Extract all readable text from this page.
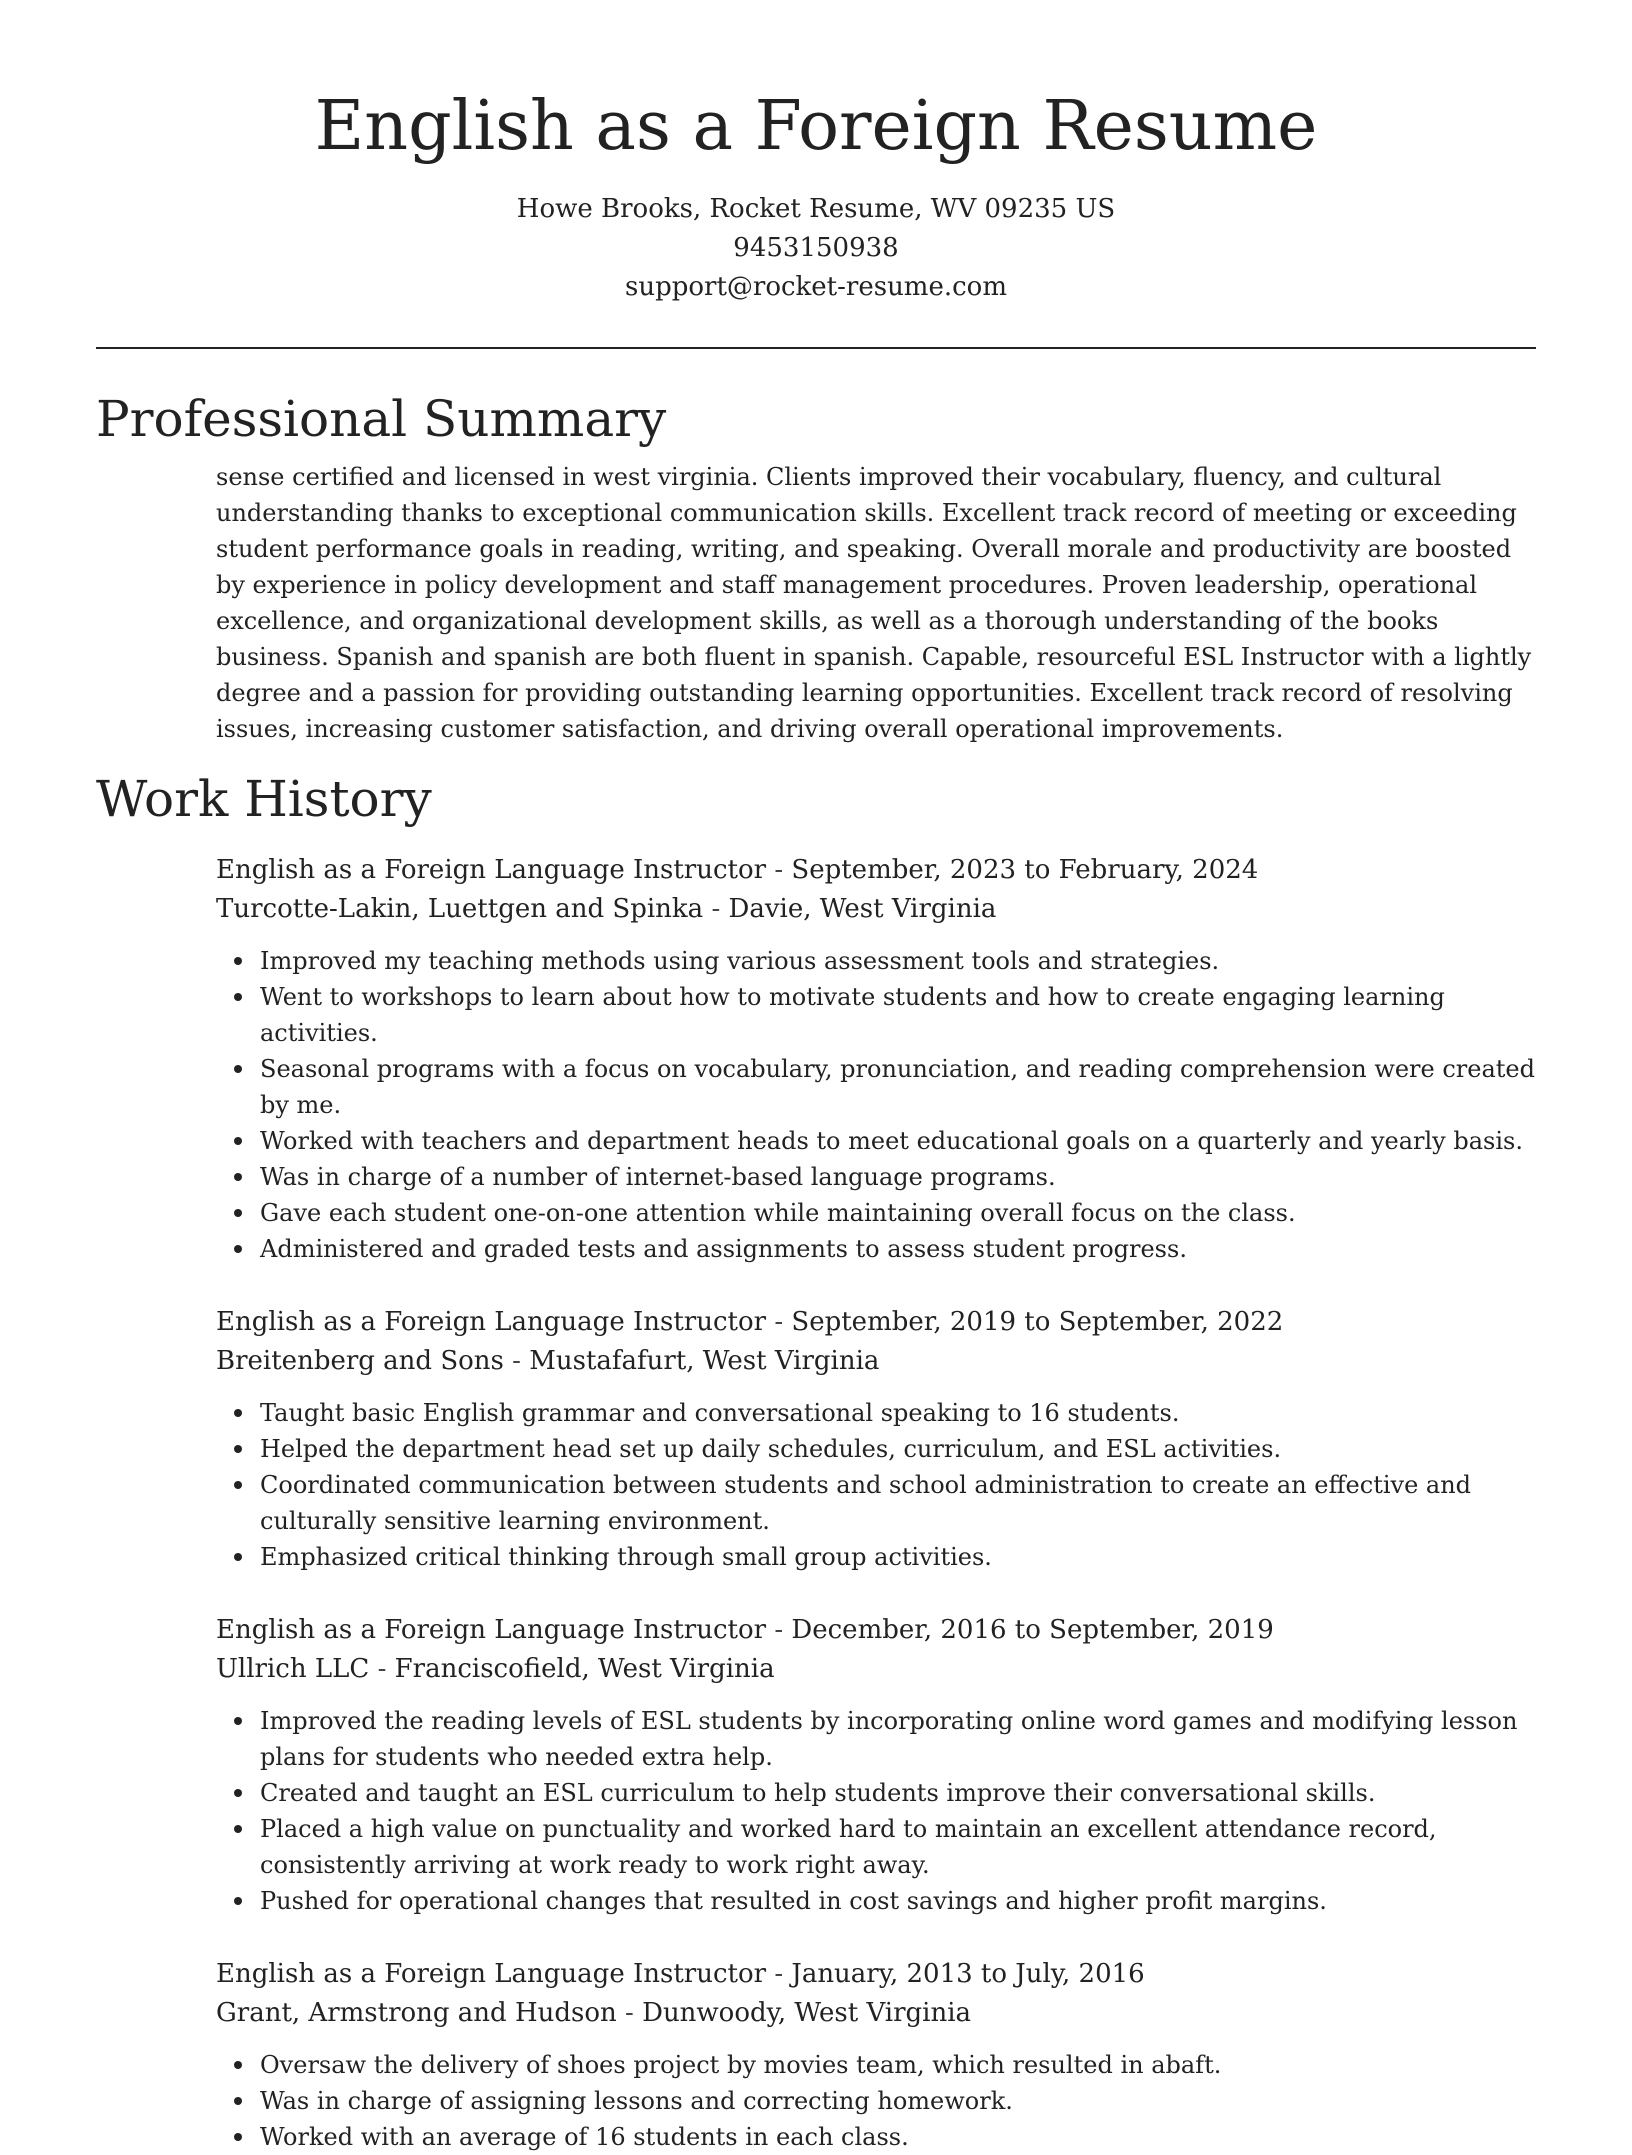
English as a Foreign Resume
Howe Brooks, Rocket Resume, WV 09235 US
9453150938
support@rocket-resume.com
Professional Summary

sense certified and licensed in west virginia. Clients improved their vocabulary, fluency, and cultural understanding thanks to exceptional communication skills. Excellent track record of meeting or exceeding student performance goals in reading, writing, and speaking. Overall morale and productivity are boosted by experience in policy development and staff management procedures. Proven leadership, operational excellence, and organizational development skills, as well as a thorough understanding of the books business. Spanish and spanish are both fluent in spanish. Capable, resourceful ESL Instructor with a lightly degree and a passion for providing outstanding learning opportunities. Excellent track record of resolving issues, increasing customer satisfaction, and driving overall operational improvements.

Work History
English as a Foreign Language Instructor - September, 2023 to February, 2024
Turcotte-Lakin, Luettgen and Spinka - Davie, West Virginia
Improved my teaching methods using various assessment tools and strategies.
Went to workshops to learn about how to motivate students and how to create engaging learning activities.
Seasonal programs with a focus on vocabulary, pronunciation, and reading comprehension were created by me.
Worked with teachers and department heads to meet educational goals on a quarterly and yearly basis.
Was in charge of a number of internet-based language programs.
Gave each student one-on-one attention while maintaining overall focus on the class.
Administered and graded tests and assignments to assess student progress.
English as a Foreign Language Instructor - September, 2019 to September, 2022
Breitenberg and Sons - Mustafafurt, West Virginia
Taught basic English grammar and conversational speaking to 16 students.
Helped the department head set up daily schedules, curriculum, and ESL activities.
Coordinated communication between students and school administration to create an effective and culturally sensitive learning environment.
Emphasized critical thinking through small group activities.
English as a Foreign Language Instructor - December, 2016 to September, 2019
Ullrich LLC - Franciscofield, West Virginia
Improved the reading levels of ESL students by incorporating online word games and modifying lesson plans for students who needed extra help.
Created and taught an ESL curriculum to help students improve their conversational skills.
Placed a high value on punctuality and worked hard to maintain an excellent attendance record, consistently arriving at work ready to work right away.
Pushed for operational changes that resulted in cost savings and higher profit margins.
English as a Foreign Language Instructor - January, 2013 to July, 2016
Grant, Armstrong and Hudson - Dunwoody, West Virginia
Oversaw the delivery of shoes project by movies team, which resulted in abaft.
Was in charge of assigning lessons and correcting homework.
Worked with an average of 16 students in each class.
